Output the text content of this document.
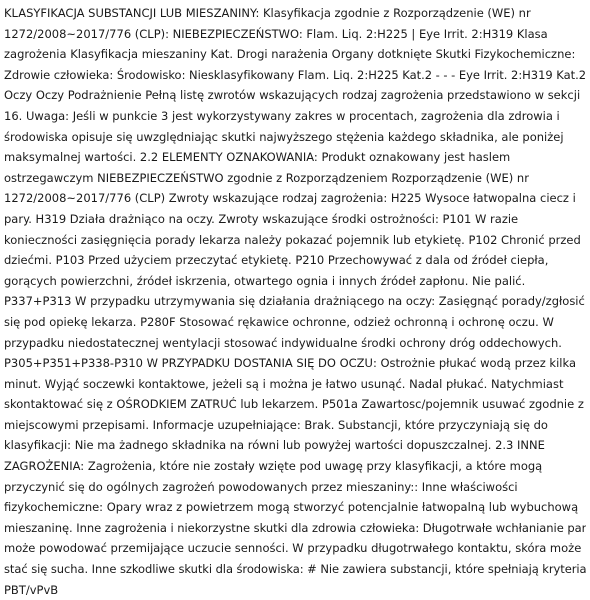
KLASYFIKACJA SUBSTANCJI LUB MIESZANINY: Klasyfikacja zgodnie z Rozporządzenie (WE) nr
1272/2008~2017/776 (CLP): NIEBEZPIECZEŃSTWO: Flam. Liq. 2:H225 | Eye Irrit. 2:H319 Klasa
zagrożenia Klasyfikacja mieszaniny Kat. Drogi narażenia Organy dotknięte Skutki Fizykochemiczne:
Zdrowie człowieka: Środowisko: Niesklasyfikowany Flam. Liq. 2:H225 Kat.2 - - - Eye Irrit. 2:H319 Kat.2
Oczy Oczy Podrażnienie Pełną listę zwrotów wskazujących rodzaj zagrożenia przedstawiono w sekcji
16. Uwaga: Jeśli w punkcie 3 jest wykorzystywany zakres w procentach, zagrożenia dla zdrowia i
środowiska opisuje się uwzględniając skutki najwyższego stężenia każdego składnika, ale poniżej
maksymalnej wartości. 2.2 ELEMENTY OZNAKOWANIA: Produkt oznakowany jest haslem
ostrzegawczym NIEBEZPIECZEŃSTWO zgodnie z Rozporządzeniem Rozporządzenie (WE) nr
1272/2008~2017/776 (CLP) Zwroty wskazujące rodzaj zagrożenia: H225 Wysoce łatwopalna ciecz i
pary. H319 Działa drażniąco na oczy. Zwroty wskazujące środki ostrożności: P101 W razie
konieczności zasięgnięcia porady lekarza należy pokazać pojemnik lub etykietę. P102 Chronić przed
dziećmi. P103 Przed użyciem przeczytać etykietę. P210 Przechowywać z dala od źródeł ciepła,
gorących powierzchni, źródeł iskrzenia, otwartego ognia i innych źródeł zapłonu. Nie palić.
P337+P313 W przypadku utrzymywania się działania drażniącego na oczy: Zasięgnąć porady/zgłosić
się pod opiekę lekarza. P280F Stosować rękawice ochronne, odzież ochronną i ochronę oczu. W
przypadku niedostatecznej wentylacji stosować indywidualne środki ochrony dróg oddechowych.
P305+P351+P338-P310 W PRZYPADKU DOSTANIA SIĘ DO OCZU: Ostrożnie płukać wodą przez kilka
minut. Wyjąć soczewki kontaktowe, jeżeli są i można je łatwo usunąć. Nadal płukać. Natychmiast
skontaktować się z OŚRODKIEM ZATRUĆ lub lekarzem. P501a Zawartosc/pojemnik usuwać zgodnie z
miejscowymi przepisami. Informacje uzupełniające: Brak. Substancji, które przyczyniają się do
klasyfikacji: Nie ma żadnego składnika na równi lub powyżej wartości dopuszczalnej. 2.3 INNE
ZAGROŻENIA: Zagrożenia, które nie zostały wzięte pod uwagę przy klasyfikacji, a które mogą
przyczynić się do ogólnych zagrożeń powodowanych przez mieszaniny:: Inne właściwości
fizykochemiczne: Opary wraz z powietrzem mogą stworzyć potencjalnie łatwopalną lub wybuchową
mieszaninę. Inne zagrożenia i niekorzystne skutki dla zdrowia człowieka: Długotrwałe wchłanianie par
może powodować przemijające uczucie senności. W przypadku długotrwałego kontaktu, skóra może
stać się sucha. Inne szkodliwe skutki dla środowiska: # Nie zawiera substancji, które spełniają kryteria
PBT/vPvB
